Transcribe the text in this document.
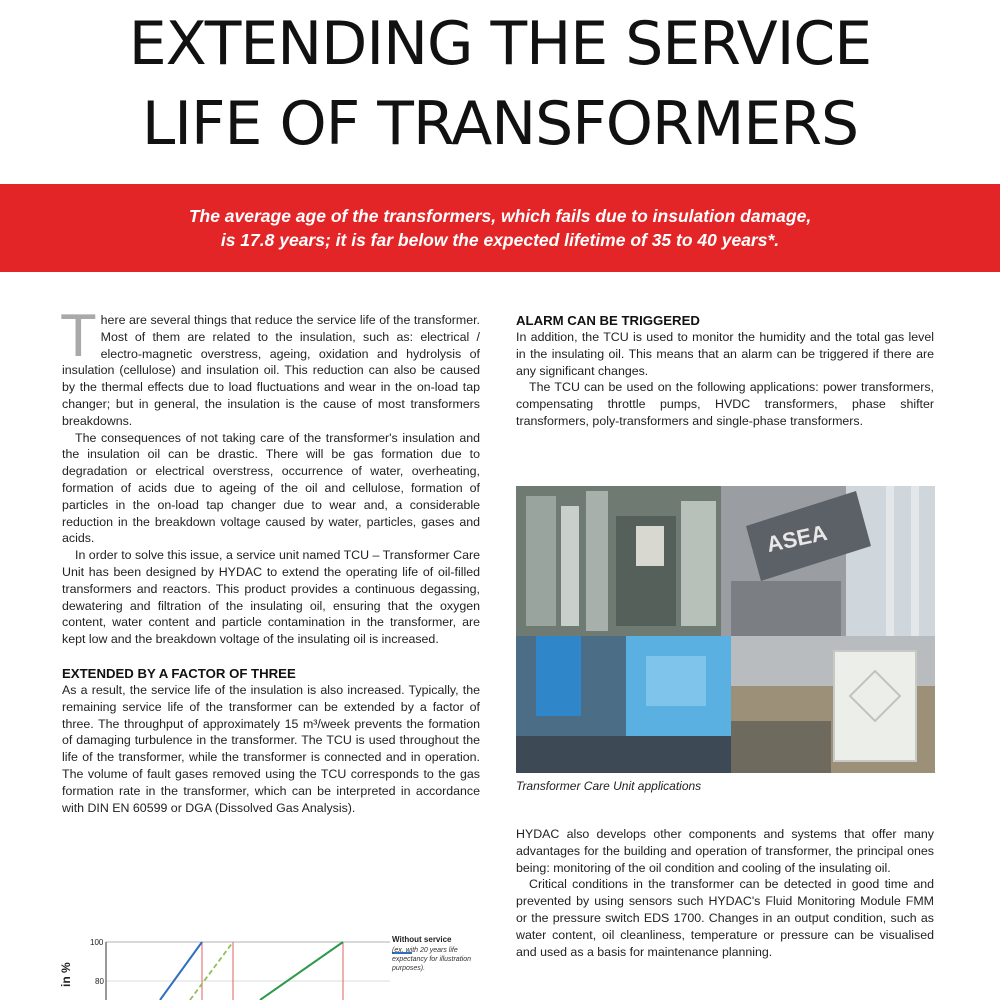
EXTENDING THE SERVICE
LIFE OF TRANSFORMERS
The average age of the transformers, which fails due to insulation damage,
is 17.8 years; it is far below the expected lifetime of 35 to 40 years*.

There are several things that reduce the service life of the transformer. Most of them are related to the insulation, such as: electrical / electro-magnetic overstress, ageing, oxidation and hydrolysis of insulation (cellulose) and insulation oil. This reduction can also be caused by the thermal effects due to load fluctuations and wear in the on-load tap changer; but in general, the insulation is the cause of most transformers breakdowns.

The consequences of not taking care of the transformer's insulation and the insulation oil can be drastic. There will be gas formation due to degradation or electrical overstress, occurrence of water, overheating, formation of acids due to ageing of the oil and cellulose, formation of particles in the on-load tap changer due to wear and, a considerable reduction in the breakdown voltage caused by water, particles, gases and acids.

In order to solve this issue, a service unit named TCU – Transformer Care Unit has been designed by HYDAC to extend the operating life of oil-filled transformers and reactors. This product provides a continuous degassing, dewatering and filtration of the insulating oil, ensuring that the oxygen content, water content and particle contamination in the transformer, are kept low and the breakdown voltage of the insulating oil is increased.

EXTENDED BY A FACTOR OF THREE

As a result, the service life of the insulation is also increased. Typically, the remaining service life of the transformer can be extended by a factor of three. The throughput of approximately 15 m³/week prevents the formation of damaging turbulence in the transformer. The TCU is used throughout the life of the transformer, while the transformer is connected and in operation. The volume of fault gases removed using the TCU corresponds to the gas formation rate in the transformer, which can be interpreted in accordance with DIN EN 60599 or DGA (Dissolved Gas Analysis).

ALARM CAN BE TRIGGERED

In addition, the TCU is used to monitor the humidity and the total gas level in the insulating oil. This means that an alarm can be triggered if there are any significant changes.

The TCU can be used on the following applications: power transformers, compensating throttle pumps, HVDC transformers, phase shifter transformers, poly-transformers and single-phase transformers.

ASEA
Transformer Care Unit applications

HYDAC also develops other components and systems that offer many advantages for the building and operation of transformer, the principal ones being: monitoring of the oil condition and cooling of the insulating oil.

Critical conditions in the transformer can be detected in good time and prevented by using sensors such HYDAC's Fluid Monitoring Module FMM or the pressure switch EDS 1700. Changes in an output condition, such as water content, oil cleanliness, temperature or pressure can be visualised and used as a basis for maintenance planning.

in %
100
80
Without service
(ex. with 20 years life expectancy for illustration purposes).
